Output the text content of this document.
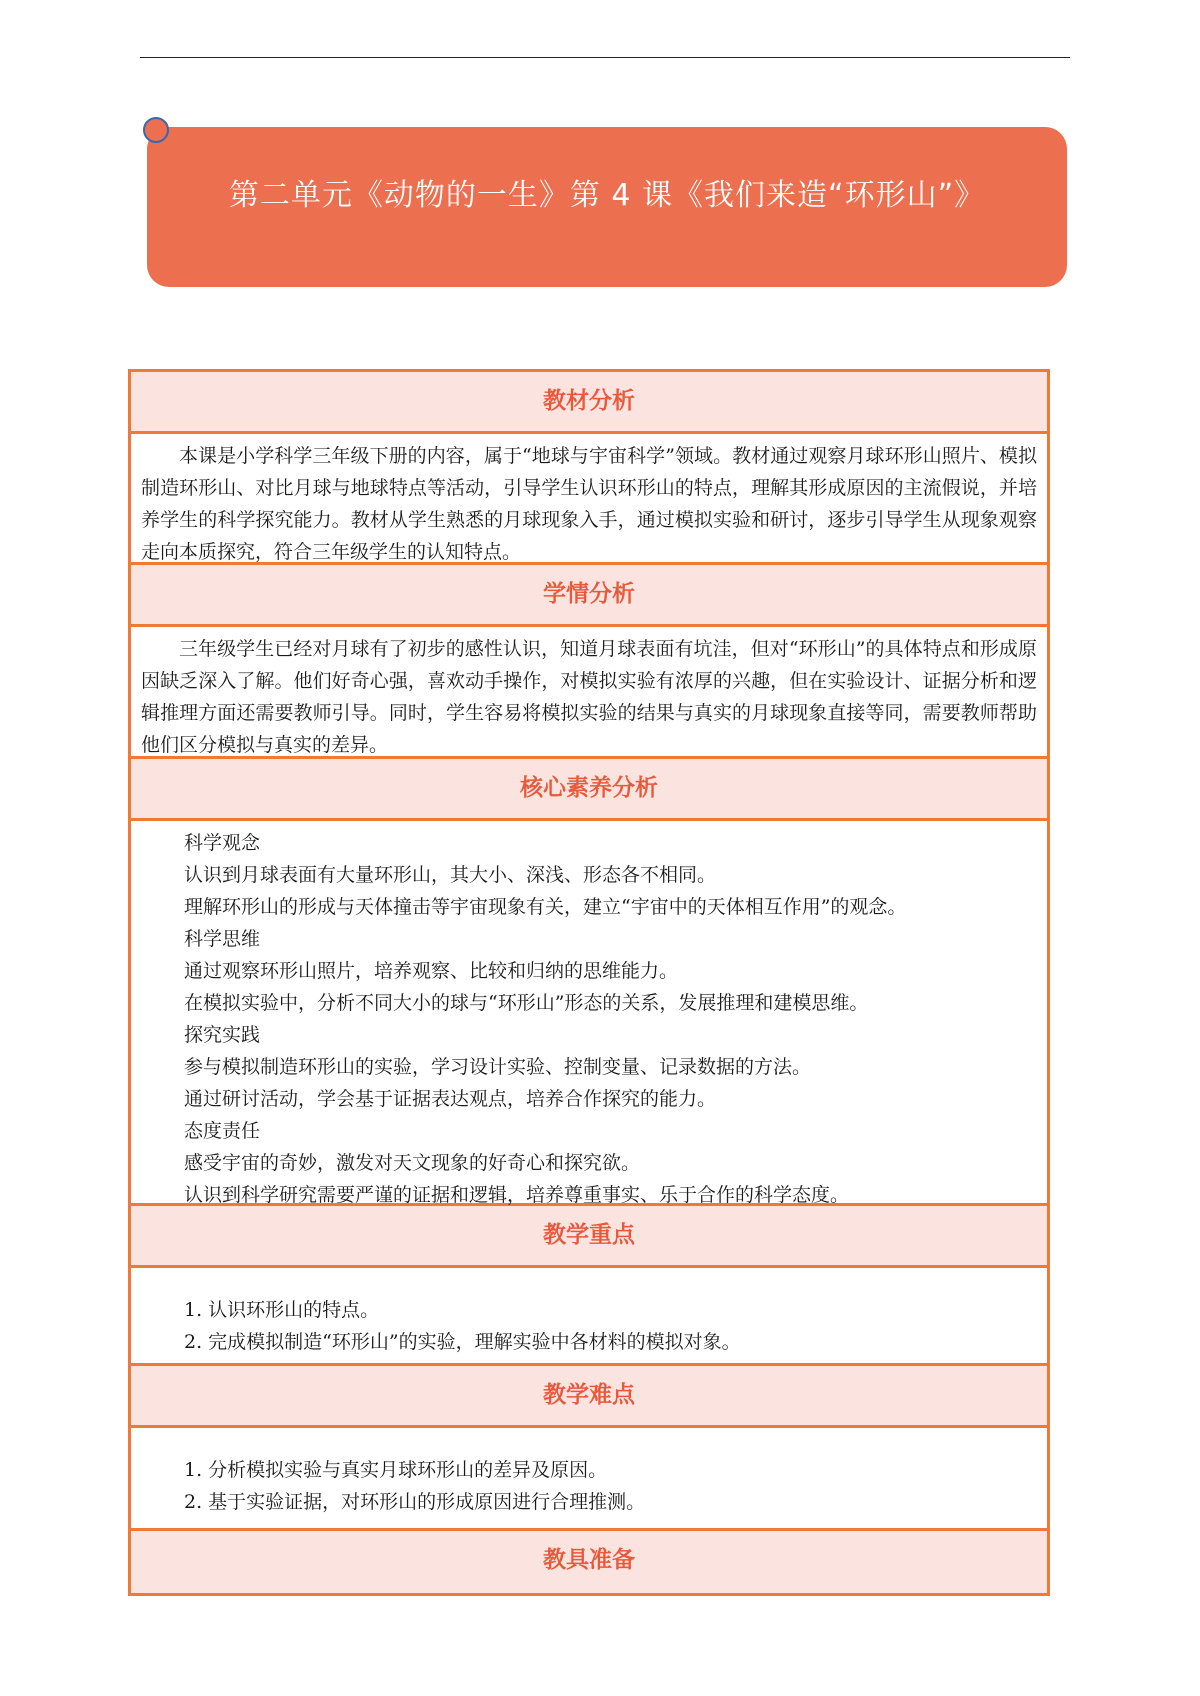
第二单元《动物的一生》第 4 课《我们来造“环形山”》
教材分析

本课是小学科学三年级下册的内容，属于“地球与宇宙科学”领域。教材通过观察月球环形山照片、模拟制造环形山、对比月球与地球特点等活动，引导学生认识环形山的特点，理解其形成原因的主流假说，并培养学生的科学探究能力。教材从学生熟悉的月球现象入手，通过模拟实验和研讨，逐步引导学生从现象观察走向本质探究，符合三年级学生的认知特点。

学情分析

三年级学生已经对月球有了初步的感性认识，知道月球表面有坑洼，但对“环形山”的具体特点和形成原因缺乏深入了解。他们好奇心强，喜欢动手操作，对模拟实验有浓厚的兴趣，但在实验设计、证据分析和逻辑推理方面还需要教师引导。同时，学生容易将模拟实验的结果与真实的月球现象直接等同，需要教师帮助他们区分模拟与真实的差异。

核心素养分析

科学观念

认识到月球表面有大量环形山，其大小、深浅、形态各不相同。

理解环形山的形成与天体撞击等宇宙现象有关，建立“宇宙中的天体相互作用”的观念。

科学思维

通过观察环形山照片，培养观察、比较和归纳的思维能力。

在模拟实验中，分析不同大小的球与“环形山”形态的关系，发展推理和建模思维。

探究实践

参与模拟制造环形山的实验，学习设计实验、控制变量、记录数据的方法。

通过研讨活动，学会基于证据表达观点，培养合作探究的能力。

态度责任

感受宇宙的奇妙，激发对天文现象的好奇心和探究欲。

认识到科学研究需要严谨的证据和逻辑，培养尊重事实、乐于合作的科学态度。

教学重点

1. 认识环形山的特点。

2. 完成模拟制造“环形山”的实验，理解实验中各材料的模拟对象。

教学难点

1. 分析模拟实验与真实月球环形山的差异及原因。

2. 基于实验证据，对环形山的形成原因进行合理推测。

教具准备
